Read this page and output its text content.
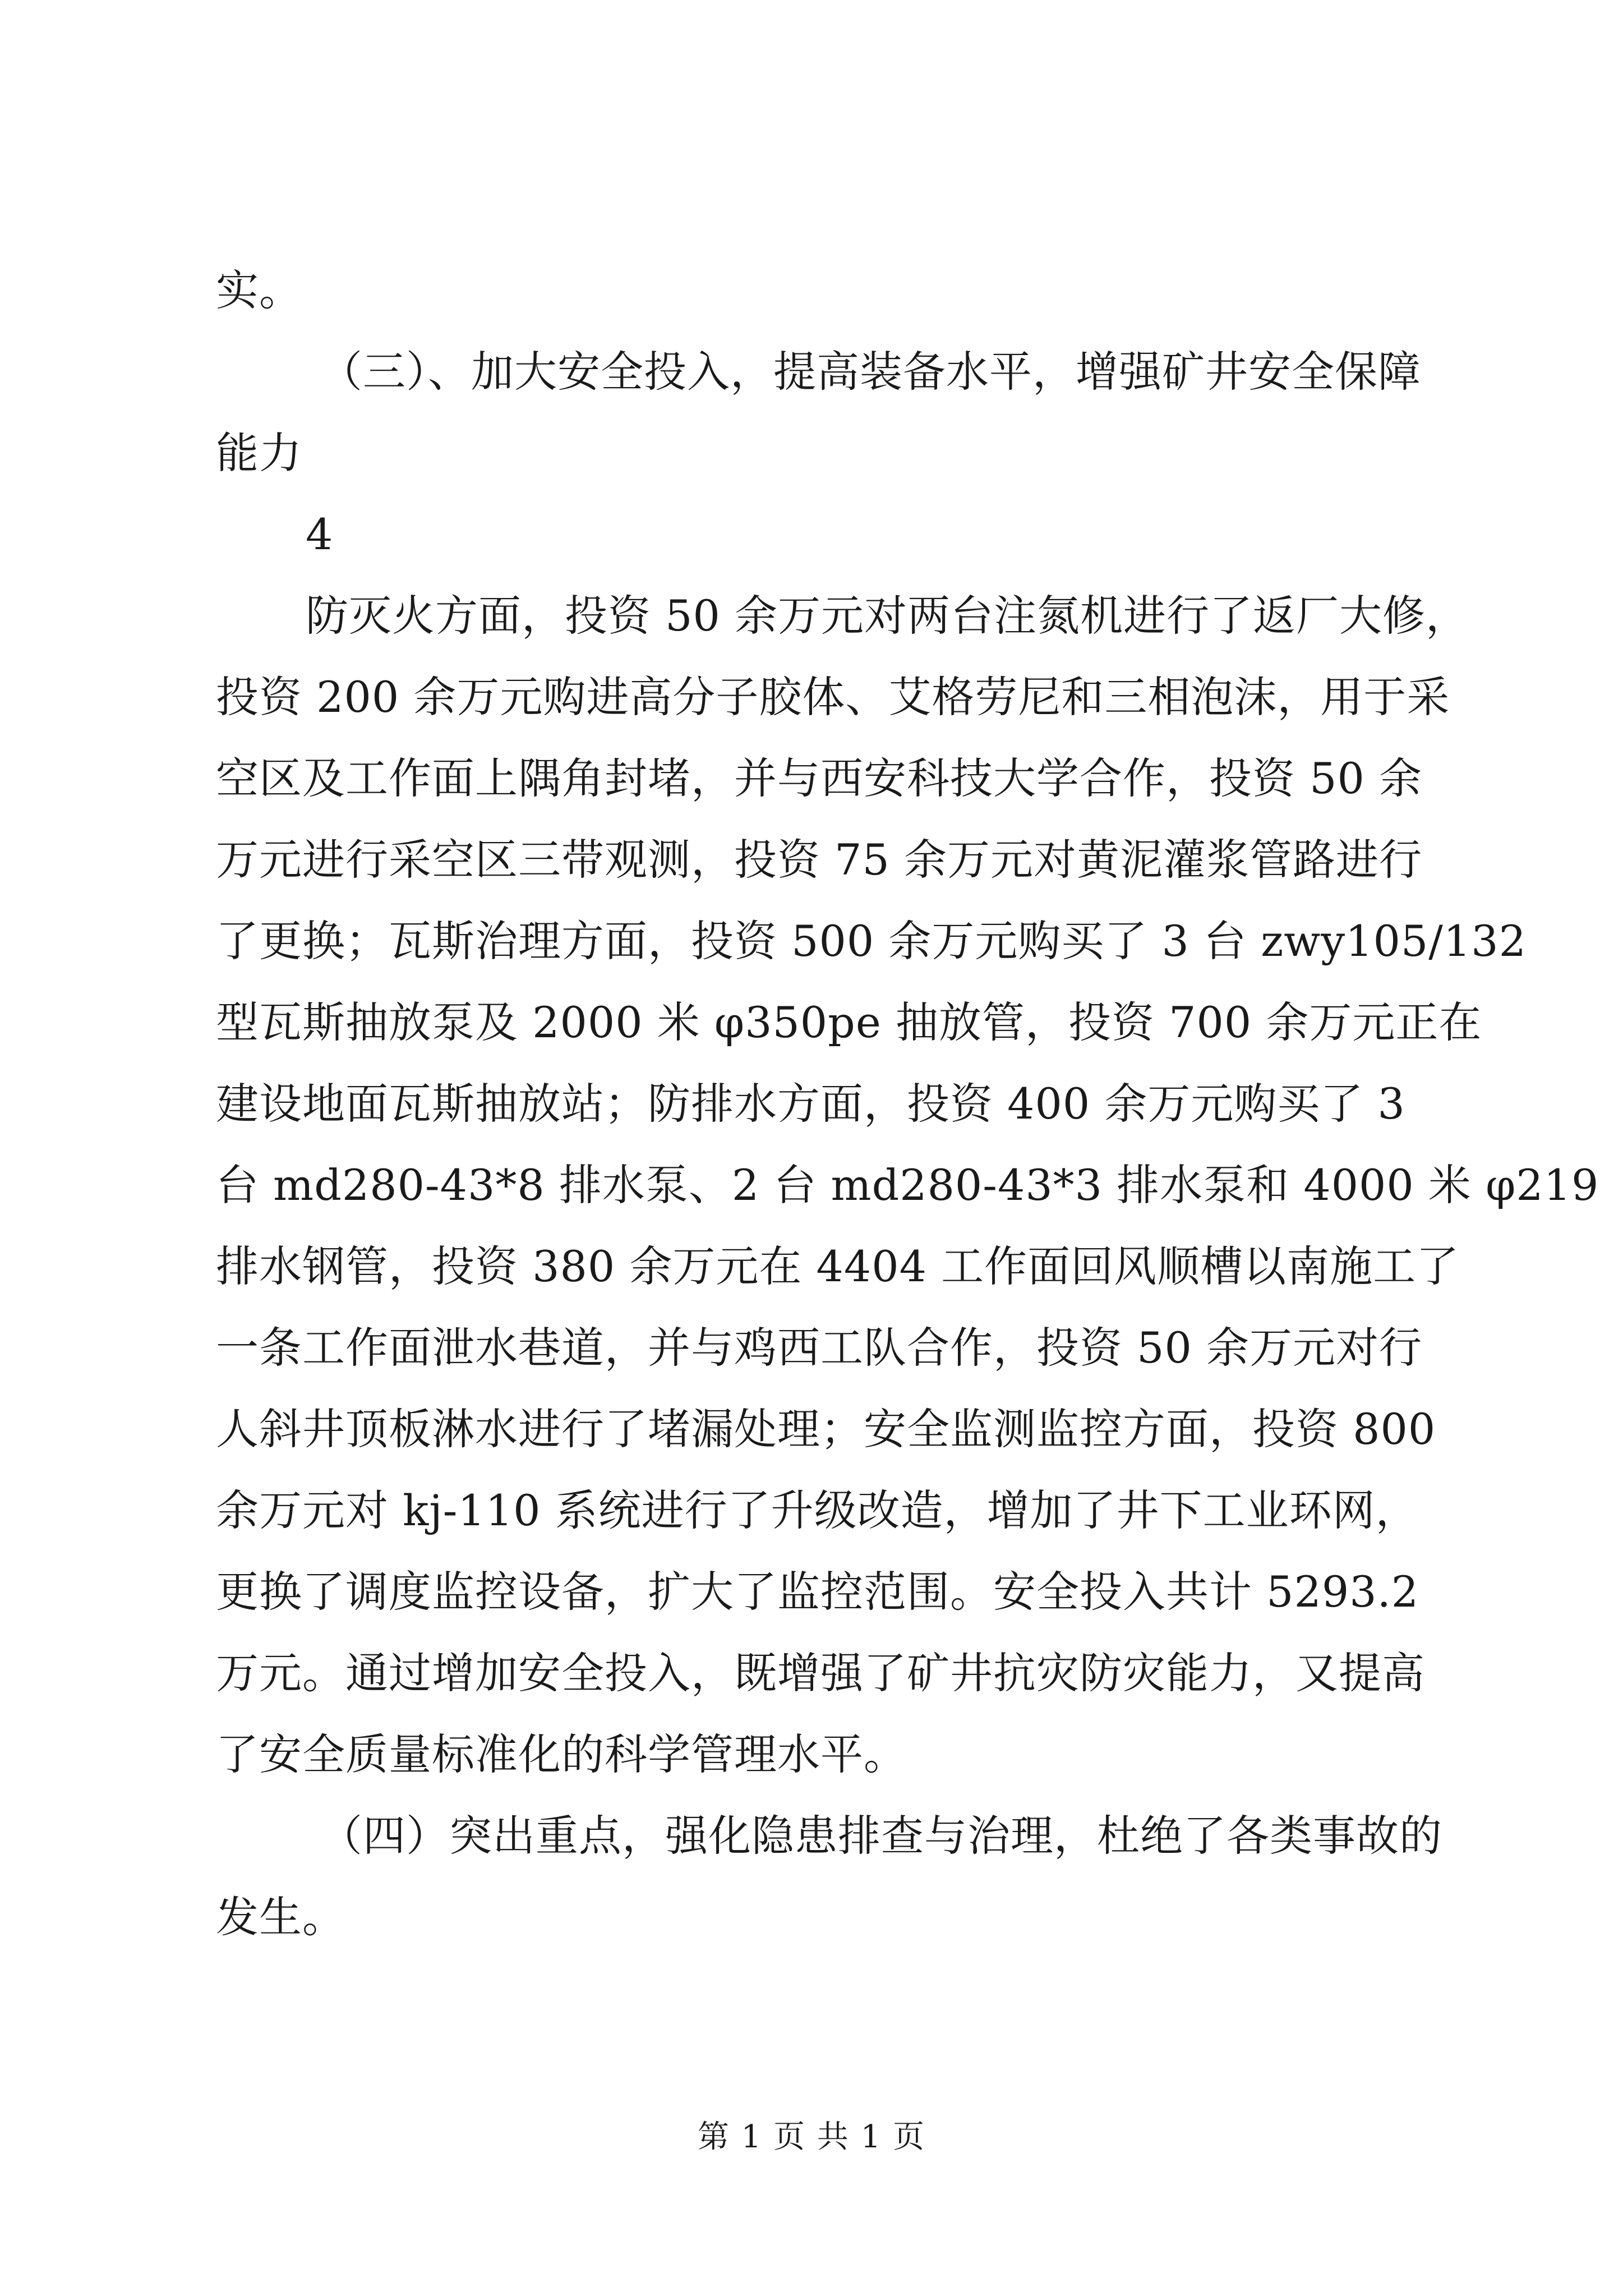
实。
（三）、加大安全投入，提高装备水平，增强矿井安全保障
能力
4
防灭火方面，投资 50 余万元对两台注氮机进行了返厂大修，
投资 200 余万元购进高分子胶体、艾格劳尼和三相泡沫，用于采
空区及工作面上隅角封堵，并与西安科技大学合作，投资 50 余
万元进行采空区三带观测，投资 75 余万元对黄泥灌浆管路进行
了更换；瓦斯治理方面，投资 500 余万元购买了 3 台 zwy105/132
型瓦斯抽放泵及 2000 米 φ350pe 抽放管，投资 700 余万元正在
建设地面瓦斯抽放站；防排水方面，投资 400 余万元购买了 3
台 md280-43*8 排水泵、2 台 md280-43*3 排水泵和 4000 米 φ219
排水钢管，投资 380 余万元在 4404 工作面回风顺槽以南施工了
一条工作面泄水巷道，并与鸡西工队合作，投资 50 余万元对行
人斜井顶板淋水进行了堵漏处理；安全监测监控方面，投资 800
余万元对 kj-110 系统进行了升级改造，增加了井下工业环网，
更换了调度监控设备，扩大了监控范围。安全投入共计 5293.2
万元。通过增加安全投入，既增强了矿井抗灾防灾能力，又提高
了安全质量标准化的科学管理水平。
（四）突出重点，强化隐患排查与治理，杜绝了各类事故的
发生。
第 1 页 共 1 页
